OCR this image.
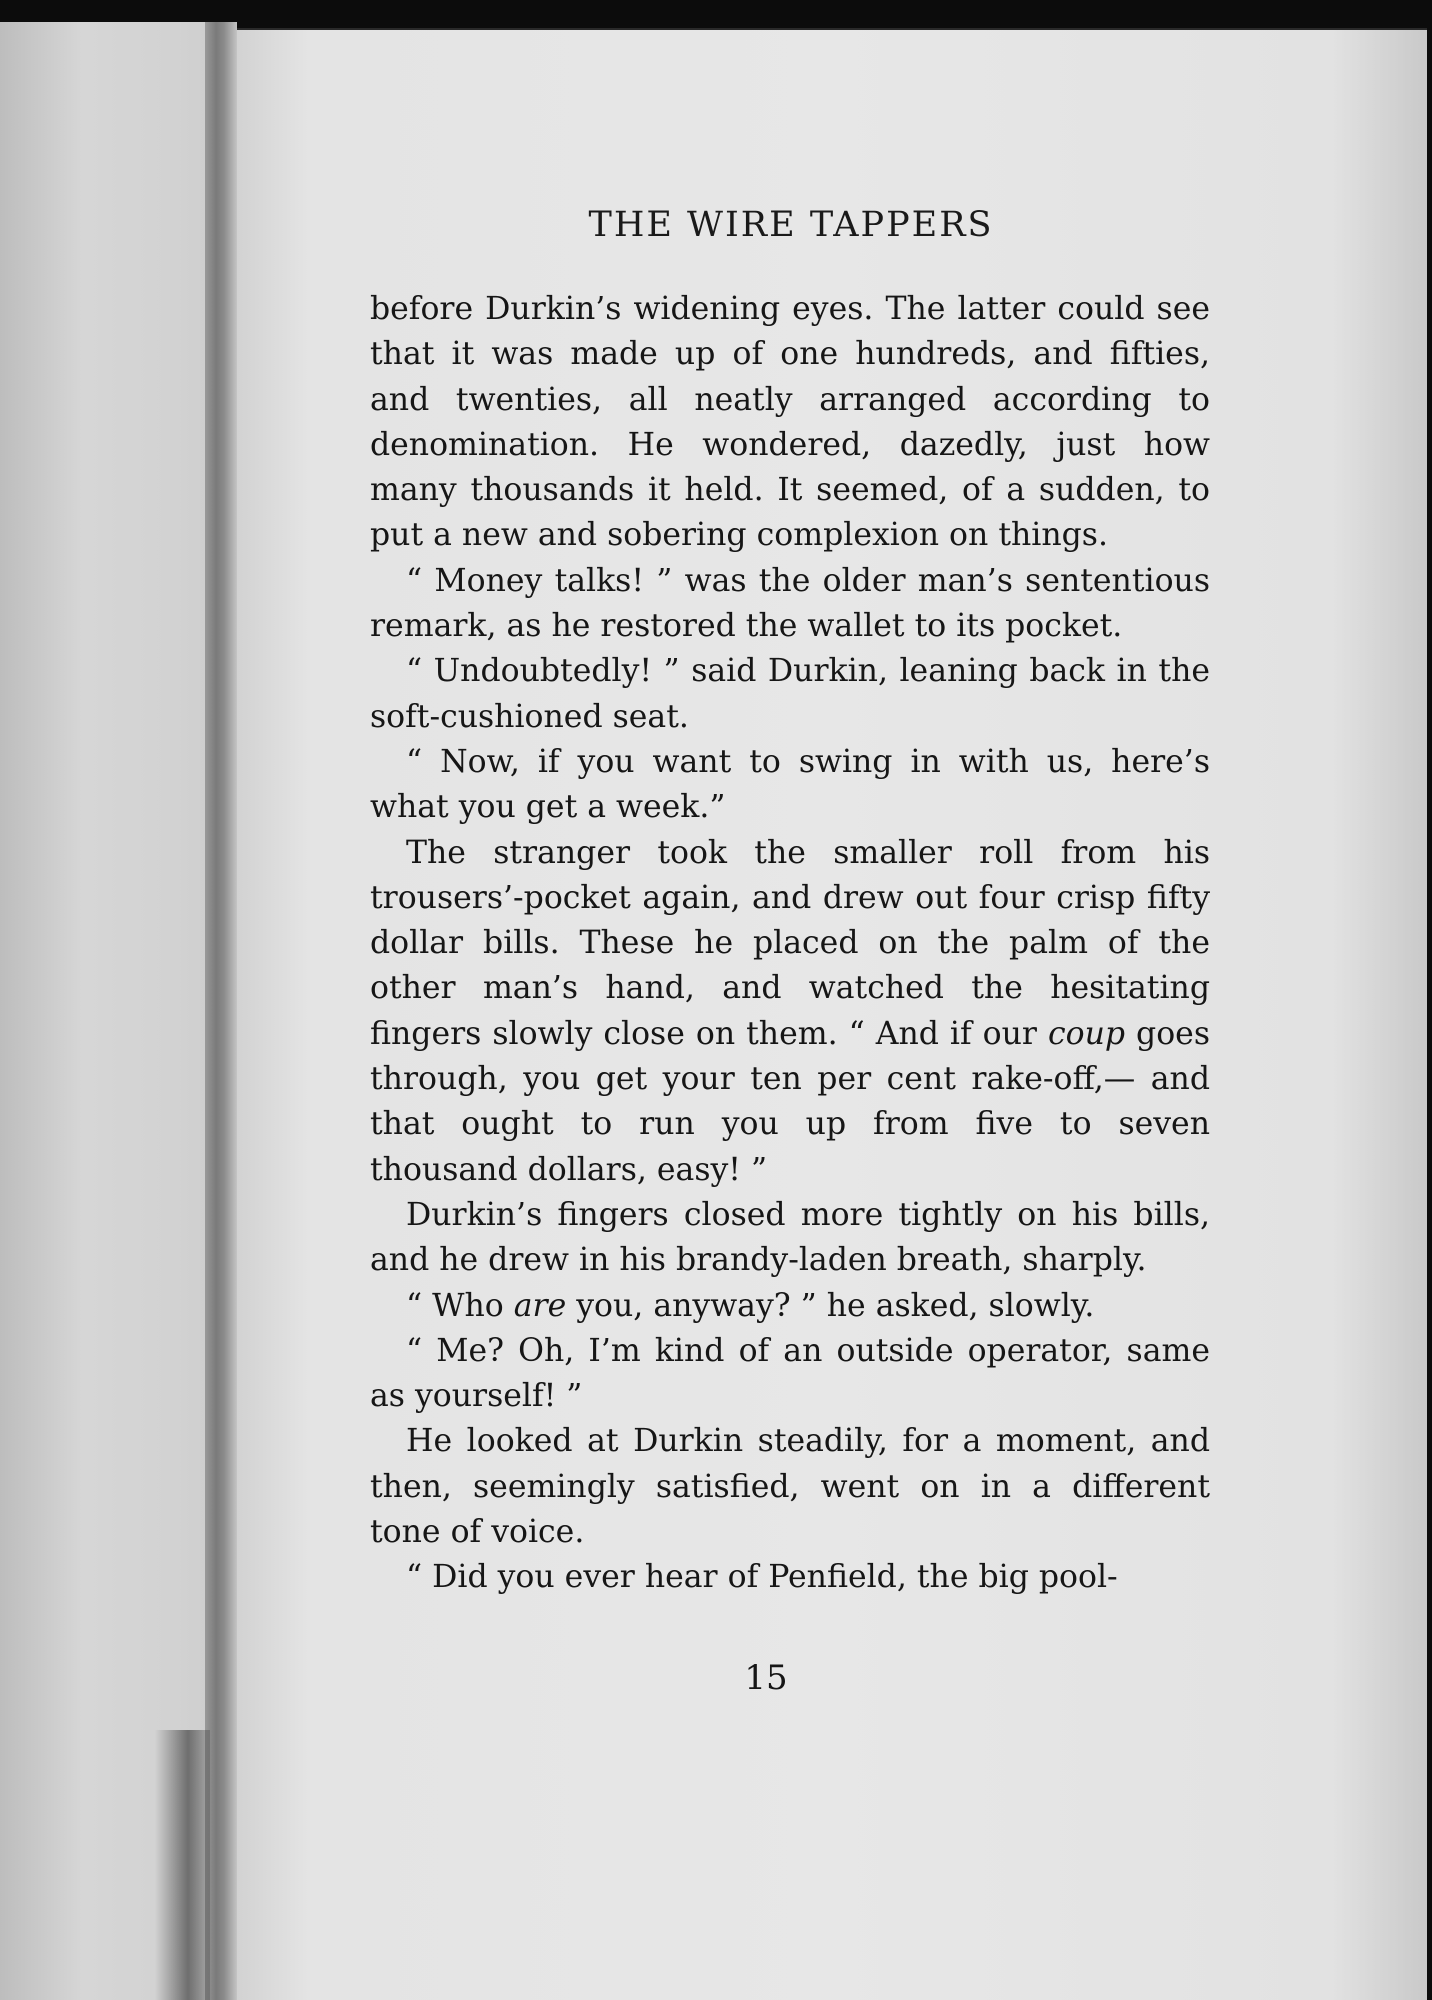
THE WIRE TAPPERS

before Durkin’s widening eyes. The latter could see that it was made up of one hundreds, and fifties, and twenties, all neatly arranged according to denomination. He wondered, dazedly, just how many thousands it held. It seemed, of a sudden, to put a new and sobering complexion on things.

“ Money talks! ” was the older man’s sententious remark, as he restored the wallet to its pocket.

“ Undoubtedly! ” said Durkin, leaning back in the soft-cushioned seat.

“ Now, if you want to swing in with us, here’s what you get a week.”

The stranger took the smaller roll from his trousers’-pocket again, and drew out four crisp fifty dollar bills. These he placed on the palm of the other man’s hand, and watched the hesitating fingers slowly close on them. “ And if our coup goes through, you get your ten per cent rake-off,— and that ought to run you up from five to seven thousand dollars, easy! ”

Durkin’s fingers closed more tightly on his bills, and he drew in his brandy-laden breath, sharply.

“ Who are you, anyway? ” he asked, slowly.

“ Me? Oh, I’m kind of an outside operator, same as yourself! ”

He looked at Durkin steadily, for a moment, and then, seemingly satisfied, went on in a different tone of voice.

“ Did you ever hear of Penfield, the big pool-

15
